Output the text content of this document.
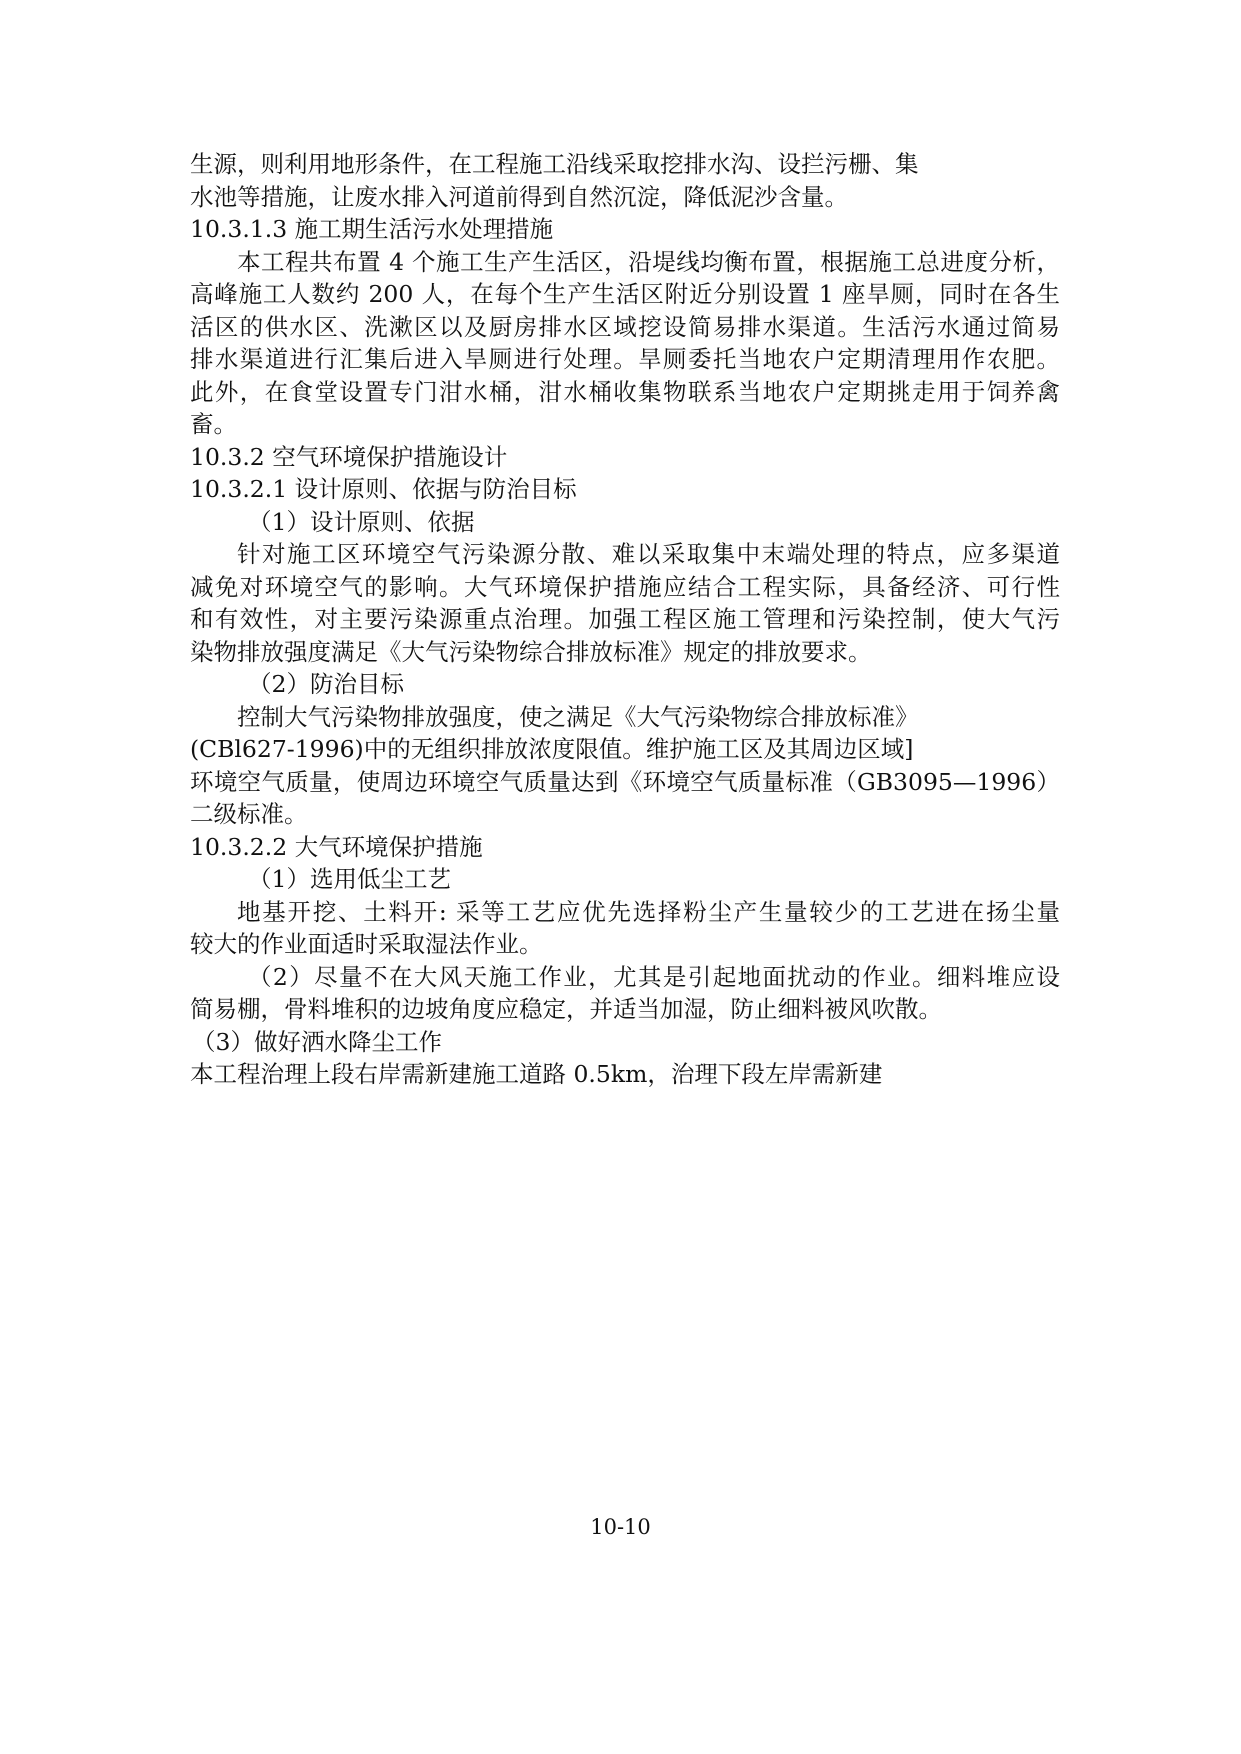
生源，则利用地形条件，在工程施工沿线采取挖排水沟、设拦污栅、集

水池等措施，让废水排入河道前得到自然沉淀，降低泥沙含量。

10.3.1.3 施工期生活污水处理措施

本工程共布置 4 个施工生产生活区，沿堤线均衡布置，根据施工总进度分析，

高峰施工人数约 200 人，在每个生产生活区附近分别设置 1 座旱厕，同时在各生

活区的供水区、洗漱区以及厨房排水区域挖设简易排水渠道。生活污水通过简易

排水渠道进行汇集后进入旱厕进行处理。旱厕委托当地农户定期清理用作农肥。

此外，在食堂设置专门泔水桶，泔水桶收集物联系当地农户定期挑走用于饲养禽

畜。

10.3.2 空气环境保护措施设计

10.3.2.1 设计原则、依据与防治目标

（1）设计原则、依据

针对施工区环境空气污染源分散、难以采取集中末端处理的特点，应多渠道

减免对环境空气的影响。大气环境保护措施应结合工程实际，具备经济、可行性

和有效性，对主要污染源重点治理。加强工程区施工管理和污染控制，使大气污

染物排放强度满足《大气污染物综合排放标准》规定的排放要求。

（2）防治目标

控制大气污染物排放强度，使之满足《大气污染物综合排放标准》

(CBl627-1996)中的无组织排放浓度限值。维护施工区及其周边区域]

环境空气质量，使周边环境空气质量达到《环境空气质量标准（GB3095—1996）

二级标准。

10.3.2.2 大气环境保护措施

（1）选用低尘工艺

地基开挖、土料开: 采等工艺应优先选择粉尘产生量较少的工艺进在扬尘量

较大的作业面适时采取湿法作业。

（2）尽量不在大风天施工作业，尤其是引起地面扰动的作业。细料堆应设

简易棚，骨料堆积的边坡角度应稳定，并适当加湿，防止细料被风吹散。

（3）做好洒水降尘工作

本工程治理上段右岸需新建施工道路 0.5km，治理下段左岸需新建

10-10
